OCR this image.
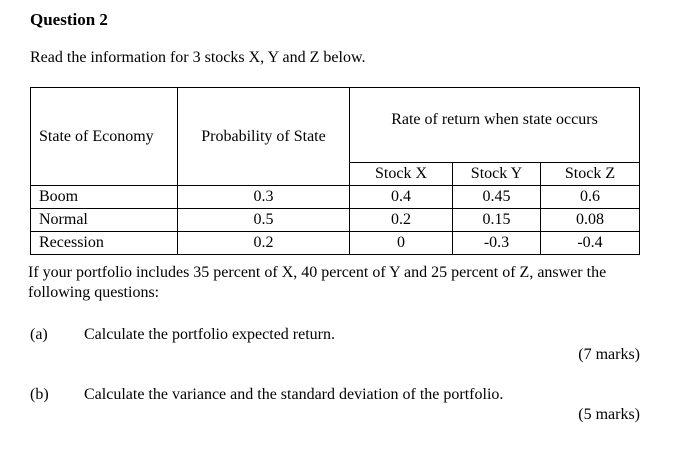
Question 2
Read the information for 3 stocks X, Y and Z below.
State of Economy	Probability of State	Rate of return when state occurs		
		Stock X	Stock Y	Stock Z
Boom	0.3	0.4	0.45	0.6
Normal	0.5	0.2	0.15	0.08
Recession	0.2	0	-0.3	-0.4
If your portfolio includes 35 percent of X, 40 percent of Y and 25 percent of Z, answer the following questions:
(a) Calculate the portfolio expected return.
(7 marks)
(b) Calculate the variance and the standard deviation of the portfolio.
(5 marks)
